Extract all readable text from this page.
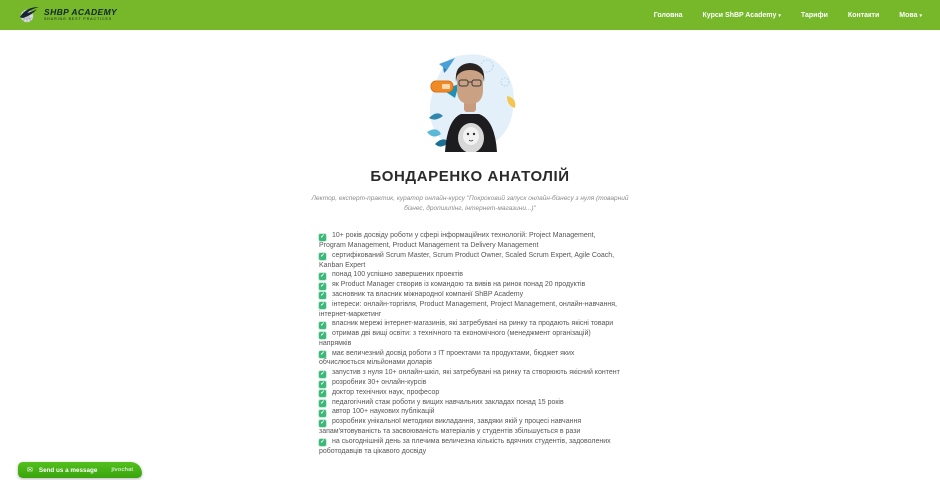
SHBP ACADEMY
SHARING BEST PRACTICES
Головна	Курси ShBP Academy ▾	Тарифи	Контакти	Мова ▾
БОНДАРЕНКО АНАТОЛІЙ

Лектор, експерт-практик, куратор онлайн-курсу "Покроковий запуск онлайн-бізнесу з нуля (товарний бізнес, дропшипінг, інтернет-магазини...)"

✓ 10+ років досвіду роботи у сфері інформаційних технологій: Project Management, Program Management, Product Management та Delivery Management
✓ сертифікований Scrum Master, Scrum Product Owner, Scaled Scrum Expert, Agile Coach, Kanban Expert
✓ понад 100 успішно завершених проектів
✓ як Product Manager створив із командою та вивів на ринок понад 20 продуктів
✓ засновник та власник міжнародної компанії ShBP Academy
✓ інтереси: онлайн-торгівля, Product Management, Project Management, онлайн-навчання, інтернет-маркетинг
✓ власник мережі інтернет-магазинів, які затребувані на ринку та продають якісні товари
✓ отримав дві вищі освіти: з технічного та економічного (менеджмент організацій) напрямків
✓ має величезний досвід роботи з ІТ проектами та продуктами, бюджет яких обчислюється мільйонами доларів
✓ запустив з нуля 10+ онлайн-шкіл, які затребувані на ринку та створюють якісний контент
✓ розробник 30+ онлайн-курсів
✓ доктор технічних наук, професор
✓ педагогічний стаж роботи у вищих навчальних закладах понад 15 років
✓ автор 100+ наукових публікацій
✓ розробник унікальної методики викладання, завдяки якій у процесі навчання запам'ятовуваність та засвоюваність матеріалів у студентів збільшується в рази
✓ на сьогоднішній день за плечима величезна кількість вдячних студентів, задоволених роботодавців та цікавого досвіду
✉ Send us a message jivochat
